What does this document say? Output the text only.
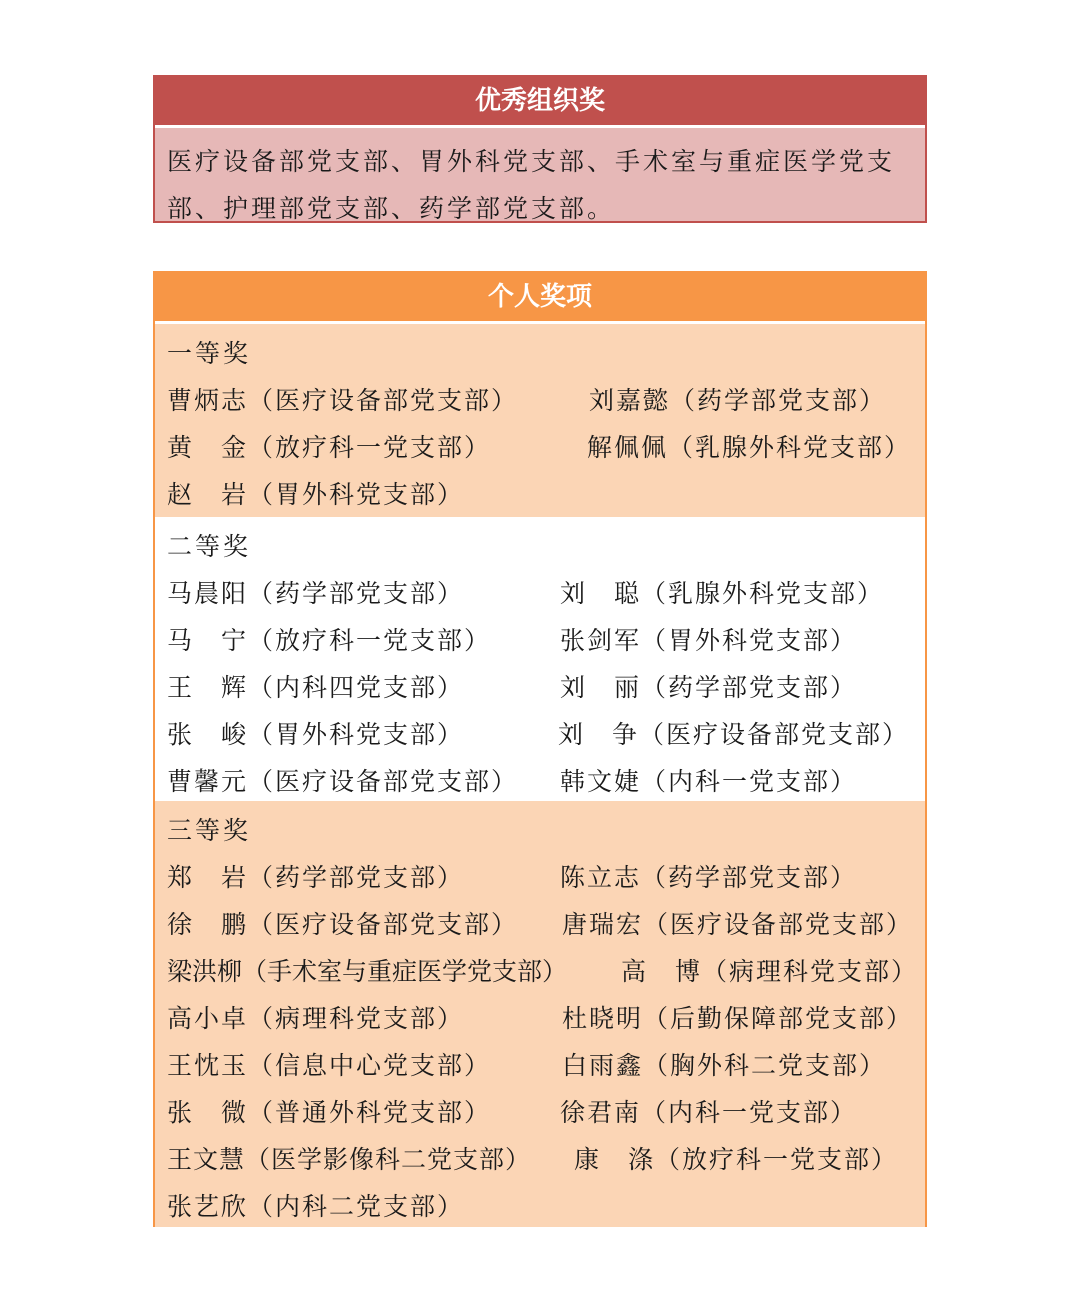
优秀组织奖
医疗设备部党支部、胃外科党支部、手术室与重症医学党支
部、护理部党支部、药学部党支部。
个人奖项
一等奖
曹炳志（医疗设备部党支部）	刘嘉懿（药学部党支部）
黄　金（放疗科一党支部）	解佩佩（乳腺外科党支部）
赵　岩（胃外科党支部）
二等奖
马晨阳（药学部党支部）	刘　聪（乳腺外科党支部）
马　宁（放疗科一党支部）	张剑军（胃外科党支部）
王　辉（内科四党支部）	刘　丽（药学部党支部）
张　峻（胃外科党支部）	刘　争（医疗设备部党支部）
曹馨元（医疗设备部党支部） 韩文婕（内科一党支部）
三等奖
郑　岩（药学部党支部）	陈立志（药学部党支部）
徐　鹏（医疗设备部党支部） 唐瑞宏（医疗设备部党支部）
梁洪柳（手术室与重症医学党支部） 高　博（病理科党支部）
高小卓（病理科党支部）	杜晓明（后勤保障部党支部）
王忱玉（信息中心党支部）	白雨鑫（胸外科二党支部）
张　微（普通外科党支部）	徐君南（内科一党支部）
王文慧（医学影像科二党支部） 康　涤（放疗科一党支部）
张艺欣（内科二党支部）
